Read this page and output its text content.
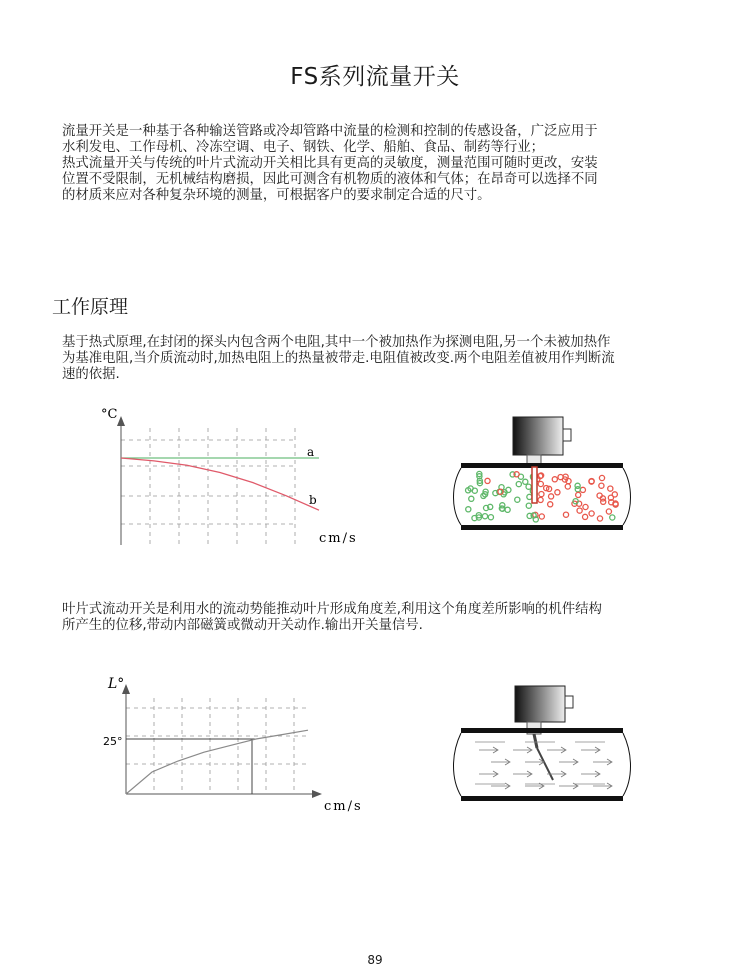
FS系列流量开关
流量开关是一种基于各种输送管路或冷却管路中流量的检测和控制的传感设备，广泛应用于
水利发电、工作母机、冷冻空调、电子、钢铁、化学、船舶、食品、制药等行业；
热式流量开关与传统的叶片式流动开关相比具有更高的灵敏度，测量范围可随时更改，安装
位置不受限制，无机械结构磨损，因此可测含有机物质的液体和气体；在昂奇可以选择不同
的材质来应对各种复杂环境的测量，可根据客户的要求制定合适的尺寸。
工作原理
基于热式原理,在封闭的探头内包含两个电阻,其中一个被加热作为探测电阻,另一个未被加热作
为基准电阻,当介质流动时,加热电阻上的热量被带走.电阻值被改变.两个电阻差值被用作判断流
速的依据.
°C
cm/s
a
b
叶片式流动开关是利用水的流动势能推动叶片形成角度差,利用这个角度差所影响的机件结构
所产生的位移,带动内部磁簧或微动开关动作.输出开关量信号.
L°
25°
cm/s
89
